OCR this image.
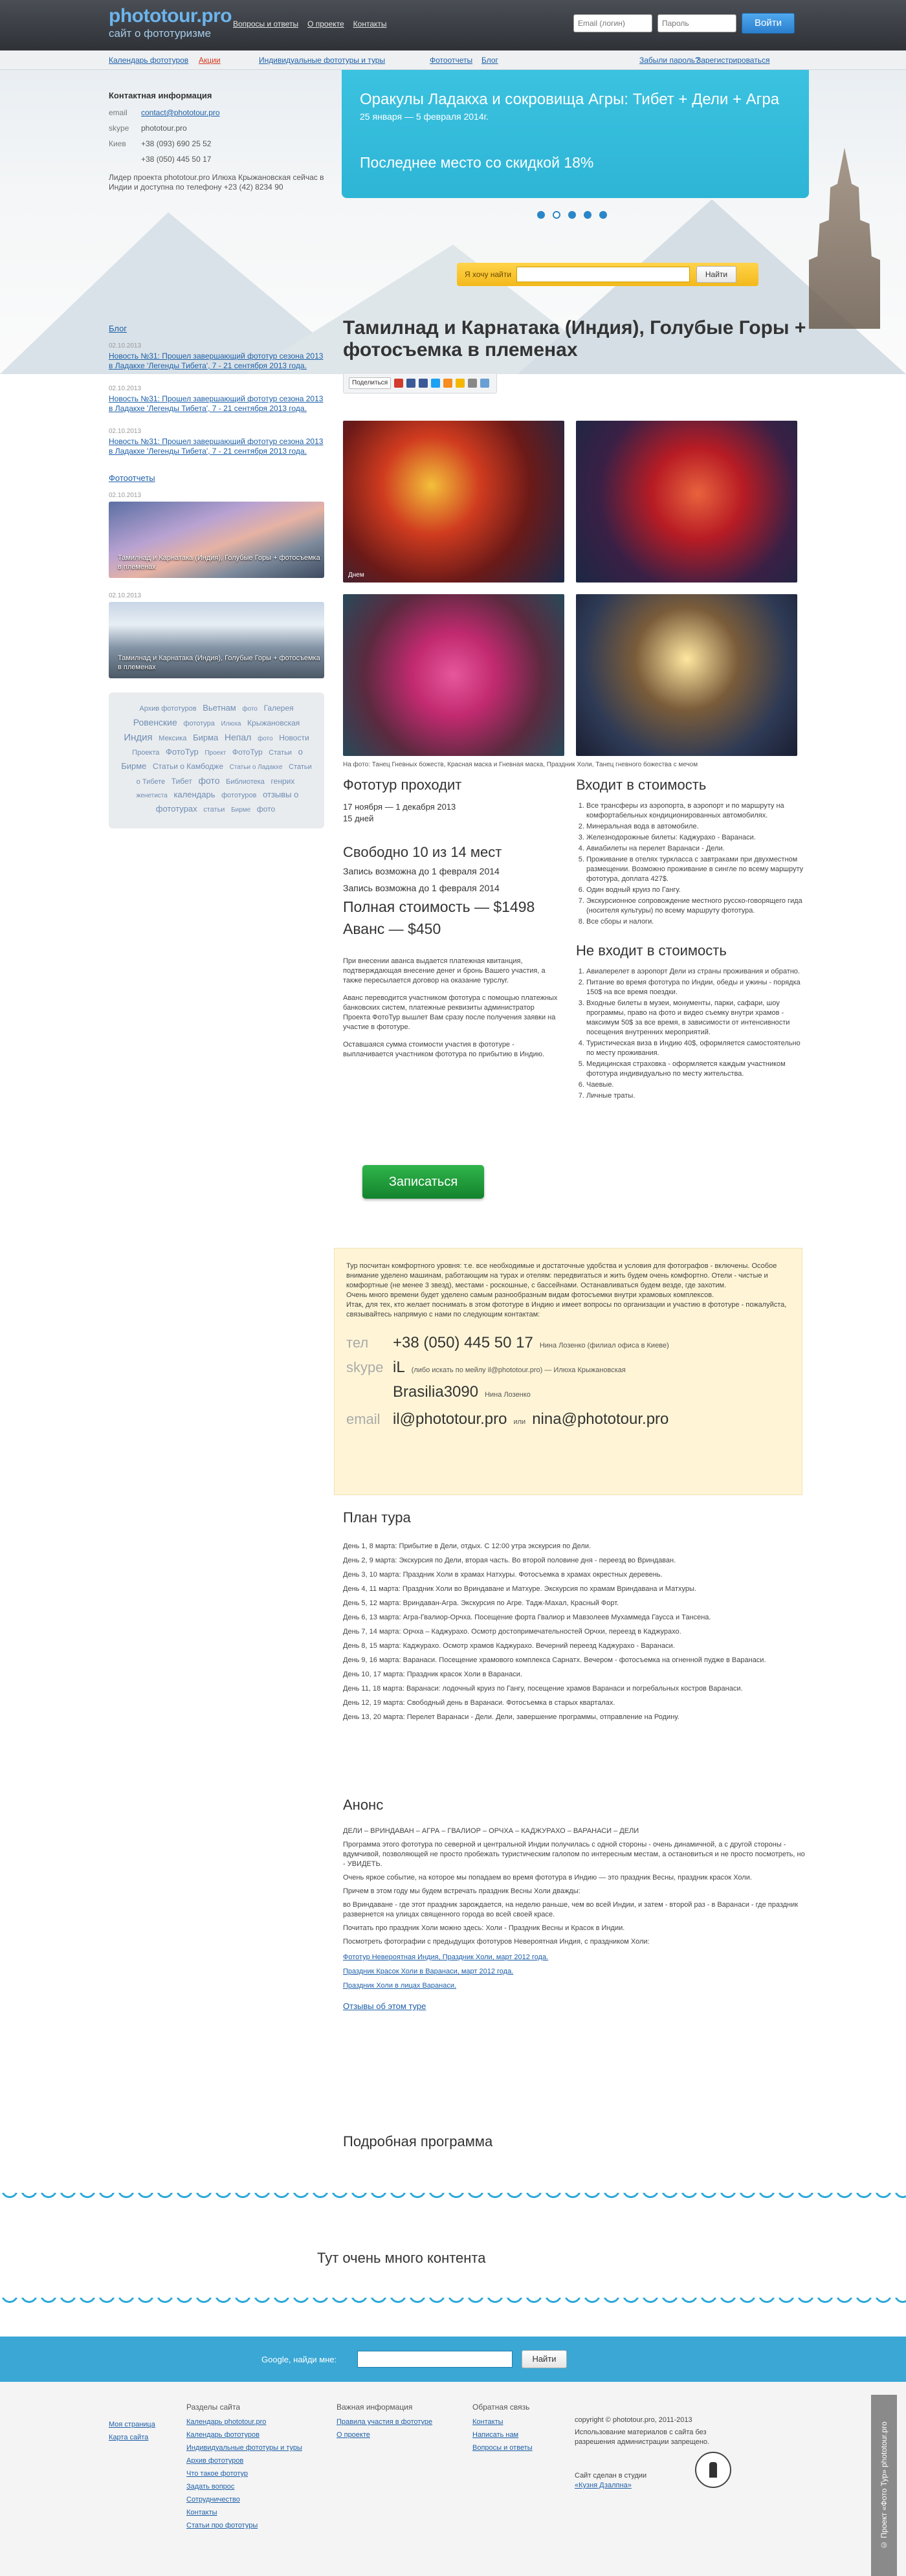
phototour.pro
сайт о фототуризме
Вопросы и ответы О проекте Контакты	Email (логин)	Пароль	Войти
Календарь фототуров Акции	Индивидуальные фототуры и туры	Фотоотчеты Блог	Забыли пароль?
Зарегистрироваться
Контактная информация
email	contact@phototour.pro
skype	phototour.pro
Киев	+38 (093) 690 25 52
+38 (050) 445 50 17
Лидер проекта phototour.pro Илюха Крыжановская сейчас в Индии и доступна по телефону +23 (42) 8234 90
Оракулы Ладакха и сокровища Агры: Тибет + Дели + Агра
25 января — 5 февраля 2014г.
Последнее место со скидкой 18%
Я хочу найти	Найти
Блог
02.10.2013
Новость №31: Прошел завершающий фототур сезона 2013 в Ладакхе 'Легенды Тибета', 7 - 21 сентября 2013 года.
02.10.2013
Новость №31: Прошел завершающий фототур сезона 2013 в Ладакхе 'Легенды Тибета', 7 - 21 сентября 2013 года.
02.10.2013
Новость №31: Прошел завершающий фототур сезона 2013 в Ладакхе 'Легенды Тибета', 7 - 21 сентября 2013 года.
Фотоотчеты
02.10.2013
Тамилнад и Карнатака (Индия), Голубые Горы + фотосъемка в племенах
02.10.2013
Тамилнад и Карнатака (Индия), Голубые Горы + фотосъемка в племенах
Архив фототуров Вьетнам фото Галерея Ровенские фототура Илюха Крыжановская Индия Мексика Бирма Непал фото Новости Проекта ФотоТур Проект ФотоТур Статьи о Бирме Статьи о Камбодже Статьи о Ладакхе Статьи о Тибете Тибет фото Библиотека генрих женетиста календарь фототуров отзывы о фототурах статьи Бирме фото
Тамилнад и Карнатака (Индия), Голубые Горы + фотосъемка в племенах
Поделиться
Днем
На фото: Танец Гневных божеств, Красная маска и Гневная маска, Праздник Холи, Танец гневного божества с мечом
Фототур проходит
17 ноября — 1 декабря 2013
15 дней
Свободно 10 из 14 мест
Запись возможна до 1 февраля 2014
Запись возможна до 1 февраля 2014
Полная стоимость — $1498
Аванс — $450
При внесении аванса выдается платежная квитанция, подтверждающая внесение денег и бронь Вашего участия, а также пересылается договор на оказание турслуг.
Аванс переводится участником фототура с помощью платежных банковских систем, платежные реквизиты администратор Проекта ФотоТур вышлет Вам сразу после получения заявки на участие в фототуре.
Оставшаяся сумма стоимости участия в фототуре - выплачивается участником фототура по прибытию в Индию.
Записаться
Входит в стоимость
1. Все трансферы из аэропорта, в аэропорт и по маршруту на комфортабельных кондиционированных автомобилях.
2. Минеральная вода в автомобиле.
3. Железнодорожные билеты: Каджурахо - Варанаси.
4. Авиабилеты на перелет Варанаси - Дели.
5. Проживание в отелях туркласса с завтраками при двухместном размещении. Возможно проживание в сингле по всему маршруту фототура, доплата 427$.
6. Один водный круиз по Гангу.
7. Экскурсионное сопровождение местного русско-говорящего гида (носителя культуры) по всему маршруту фототура.
8. Все сборы и налоги.
Не входит в стоимость
1. Авиаперелет в аэропорт Дели из страны проживания и обратно.
2. Питание во время фототура по Индии, обеды и ужины - порядка 150$ на все время поездки.
3. Входные билеты в музеи, монументы, парки, сафари, шоу программы, право на фото и видео съемку внутри храмов - максимум 50$ за все время, в зависимости от интенсивности посещения внутренних мероприятий.
4. Туристическая виза в Индию 40$, оформляется самостоятельно по месту проживания.
5. Медицинская страховка - оформляется каждым участником фототура индивидуально по месту жительства.
6. Чаевые.
7. Личные траты.
Тур посчитан комфортного уровня: т.е. все необходимые и достаточные удобства и условия для фотографов - включены. Особое внимание уделено машинам, работающим на турах и отелям: передвигаться и жить будем очень комфортно. Отели - чистые и комфортные (не менее 3 звезд), местами - роскошные, с бассейнами. Останавливаться будем везде, где захотим.
Очень много времени будет уделено самым разнообразным видам фотосъемки внутри храмовых комплексов.
Итак, для тех, кто желает поснимать в этом фототуре в Индию и имеет вопросы по организации и участию в фототуре - пожалуйста, связывайтесь напрямую с нами по следующим контактам:
тел	+38 (050) 445 50 17 Нина Лозенко (филиал офиса в Киеве)
skype iL (либо искать по мейлу il@phototour.pro) — Илюха Крыжановская
Brasilia3090 Нина Лозенко
email il@phototour.pro или nina@phototour.pro
План тура
День 1, 8 марта: Прибытие в Дели, отдых. С 12:00 утра экскурсия по Дели.
День 2, 9 марта: Экскурсия по Дели, вторая часть. Во второй половине дня - переезд во Вриндаван.
День 3, 10 марта: Праздник Холи в храмах Натхуры. Фотосъемка в храмах окрестных деревень.
День 4, 11 марта: Праздник Холи во Вриндаване и Матхуре. Экскурсия по храмам Вриндавана и Матхуры.
День 5, 12 марта: Вриндаван-Агра. Экскурсия по Агре. Тадж-Махал, Красный Форт.
День 6, 13 марта: Агра-Гвалиор-Орчха. Посещение форта Гвалиор и Мавзолеев Мухаммеда Гаусса и Тансена.
День 7, 14 марта: Орчха – Каджурахо. Осмотр достопримечательностей Орчхи, переезд в Каджурахо.
День 8, 15 марта: Каджурахо. Осмотр храмов Каджурахо. Вечерний переезд Каджурахо - Варанаси.
День 9, 16 марта: Варанаси. Посещение храмового комплекса Сарнатх. Вечером - фотосъемка на огненной пудже в Варанаси.
День 10, 17 марта: Праздник красок Холи в Варанаси.
День 11, 18 марта: Варанаси: лодочный круиз по Гангу, посещение храмов Варанаси и погребальных костров Варанаси.
День 12, 19 марта: Свободный день в Варанаси. Фотосъемка в старых кварталах.
День 13, 20 марта: Перелет Варанаси - Дели. Дели, завершение программы, отправление на Родину.
Анонс
ДЕЛИ – ВРИНДАВАН – АГРА – ГВАЛИОР – ОРЧХА – КАДЖУРАХО – ВАРАНАСИ – ДЕЛИ
Программа этого фототура по северной и центральной Индии получилась с одной стороны - очень динамичной, а с другой стороны - вдумчивой, позволяющей не просто пробежать туристическим галопом по интересным местам, а остановиться и не просто посмотреть, но - УВИДЕТЬ.
Очень яркое событие, на которое мы попадаем во время фототура в Индию — это праздник Весны, праздник красок Холи.
Причем в этом году мы будем встречать праздник Весны Холи дважды:
во Вриндаване - где этот праздник зарождается, на неделю раньше, чем во всей Индии, и затем - второй раз - в Варанаси - где праздник развернется на улицах священного города во всей своей красе.
Почитать про праздник Холи можно здесь: Холи - Праздник Весны и Красок в Индии.
Посмотреть фотографии с предыдущих фототуров Невероятная Индия, с праздником Холи:
Фототур Невероятная Индия, Праздник Холи, март 2012 года.
Праздник Красок Холи в Варанаси, март 2012 года.
Праздник Холи в лицах Варанаси.
Отзывы об этом туре
Подробная программа
Тут очень много контента
Google, найди мне:	Найти
Моя страница
Карта сайта
Разделы сайта
Календарь phototour.pro
Календарь фототуров
Индивидуальные фототуры и туры
Архив фототуров
Что такое фототур
Задать вопрос
Сотрудничество
Контакты
Статьи про фототуры
Важная информация
Правила участия в фототуре
О проекте
Обратная связь
Контакты
Написать нам
Вопросы и ответы
copyright © phototour.pro, 2011-2013
Использование материалов с сайта без разрешения администрации запрещено.
Сайт сделан в студии
«Кузня Дзалпна»	© Проект «Фото Тур» phototour.pro
